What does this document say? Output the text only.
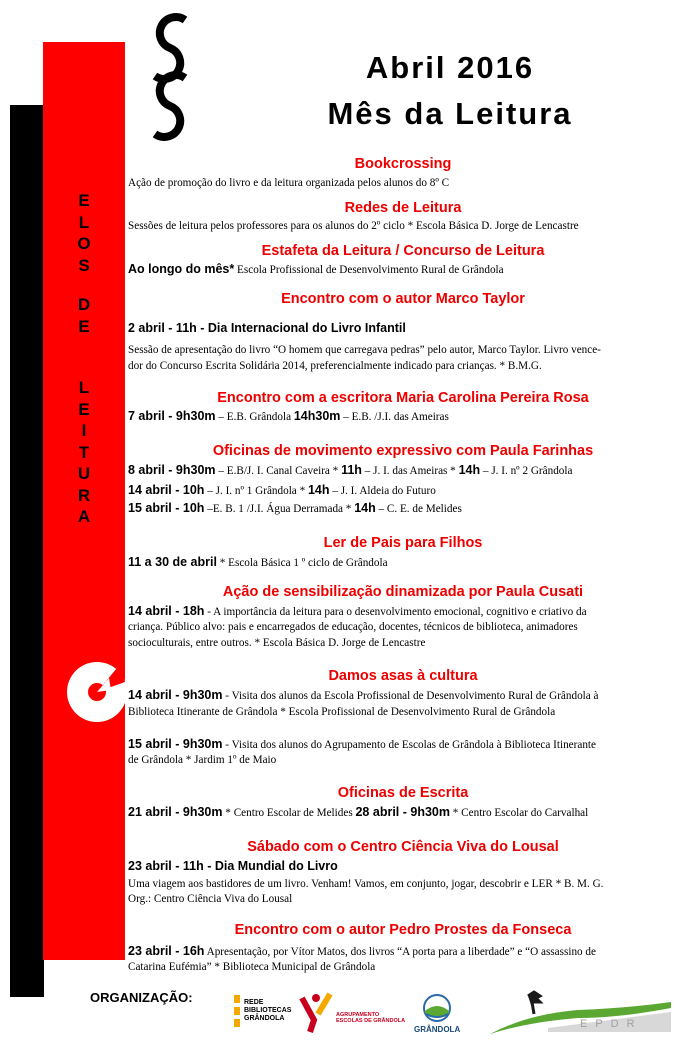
E
L
O
S
D
E
L
E
I
T
U
R
A
Abril 2016
Mês da Leitura
Bookcrossing
Ação de promoção do livro e da leitura organizada pelos alunos do 8º C
Redes de Leitura
Sessões de leitura pelos professores para os alunos do 2º ciclo * Escola Básica D. Jorge de Lencastre
Estafeta da Leitura / Concurso de Leitura
Ao longo do mês* Escola Profissional de Desenvolvimento Rural de Grândola
Encontro com o autor Marco Taylor
2 abril - 11h - Dia Internacional do Livro Infantil
Sessão de apresentação do livro “O homem que carregava pedras” pelo autor, Marco Taylor. Livro vence-
dor do Concurso Escrita Solidária 2014, preferencialmente indicado para crianças. * B.M.G.
Encontro com a escritora Maria Carolina Pereira Rosa
7 abril - 9h30m – E.B. Grândola 14h30m – E.B. /J.I. das Ameiras
Oficinas de movimento expressivo com Paula Farinhas
8 abril - 9h30m – E.B/J. I. Canal Caveira * 11h – J. I. das Ameiras * 14h – J. I. nº 2 Grândola
14 abril - 10h – J. I. nº 1 Grândola * 14h – J. I. Aldeia do Futuro
15 abril - 10h –E. B. 1 /J.I. Água Derramada * 14h – C. E. de Melides
Ler de Pais para Filhos
11 a 30 de abril * Escola Básica 1 º ciclo de Grândola
Ação de sensibilização dinamizada por Paula Cusati
14 abril - 18h - A importância da leitura para o desenvolvimento emocional, cognitivo e criativo da
criança. Público alvo: pais e encarregados de educação, docentes, técnicos de biblioteca, animadores
socioculturais, entre outros. * Escola Básica D. Jorge de Lencastre
Damos asas à cultura
14 abril - 9h30m - Visita dos alunos da Escola Profissional de Desenvolvimento Rural de Grândola à
Biblioteca Itinerante de Grândola * Escola Profissional de Desenvolvimento Rural de Grândola
15 abril - 9h30m - Visita dos alunos do Agrupamento de Escolas de Grândola à Biblioteca Itinerante
de Grândola * Jardim 1º de Maio
Oficinas de Escrita
21 abril - 9h30m * Centro Escolar de Melides 28 abril - 9h30m * Centro Escolar do Carvalhal
Sábado com o Centro Ciência Viva do Lousal
23 abril - 11h - Dia Mundial do Livro
Uma viagem aos bastidores de um livro. Venham! Vamos, em conjunto, jogar, descobrir e LER * B. M. G.
Org.: Centro Ciência Viva do Lousal
Encontro com o autor Pedro Prostes da Fonseca
23 abril - 16h Apresentação, por Vítor Matos, dos livros “A porta para a liberdade” e “O assassino de
Catarina Eufémia” * Biblioteca Municipal de Grândola
ORGANIZAÇÃO:	REDE
BIBLIOTECAS
GRÂNDOLA	AGRUPAMENTO
ESCOLAS DE GRÂNDOLA
GRÂNDOLA	EPDR
